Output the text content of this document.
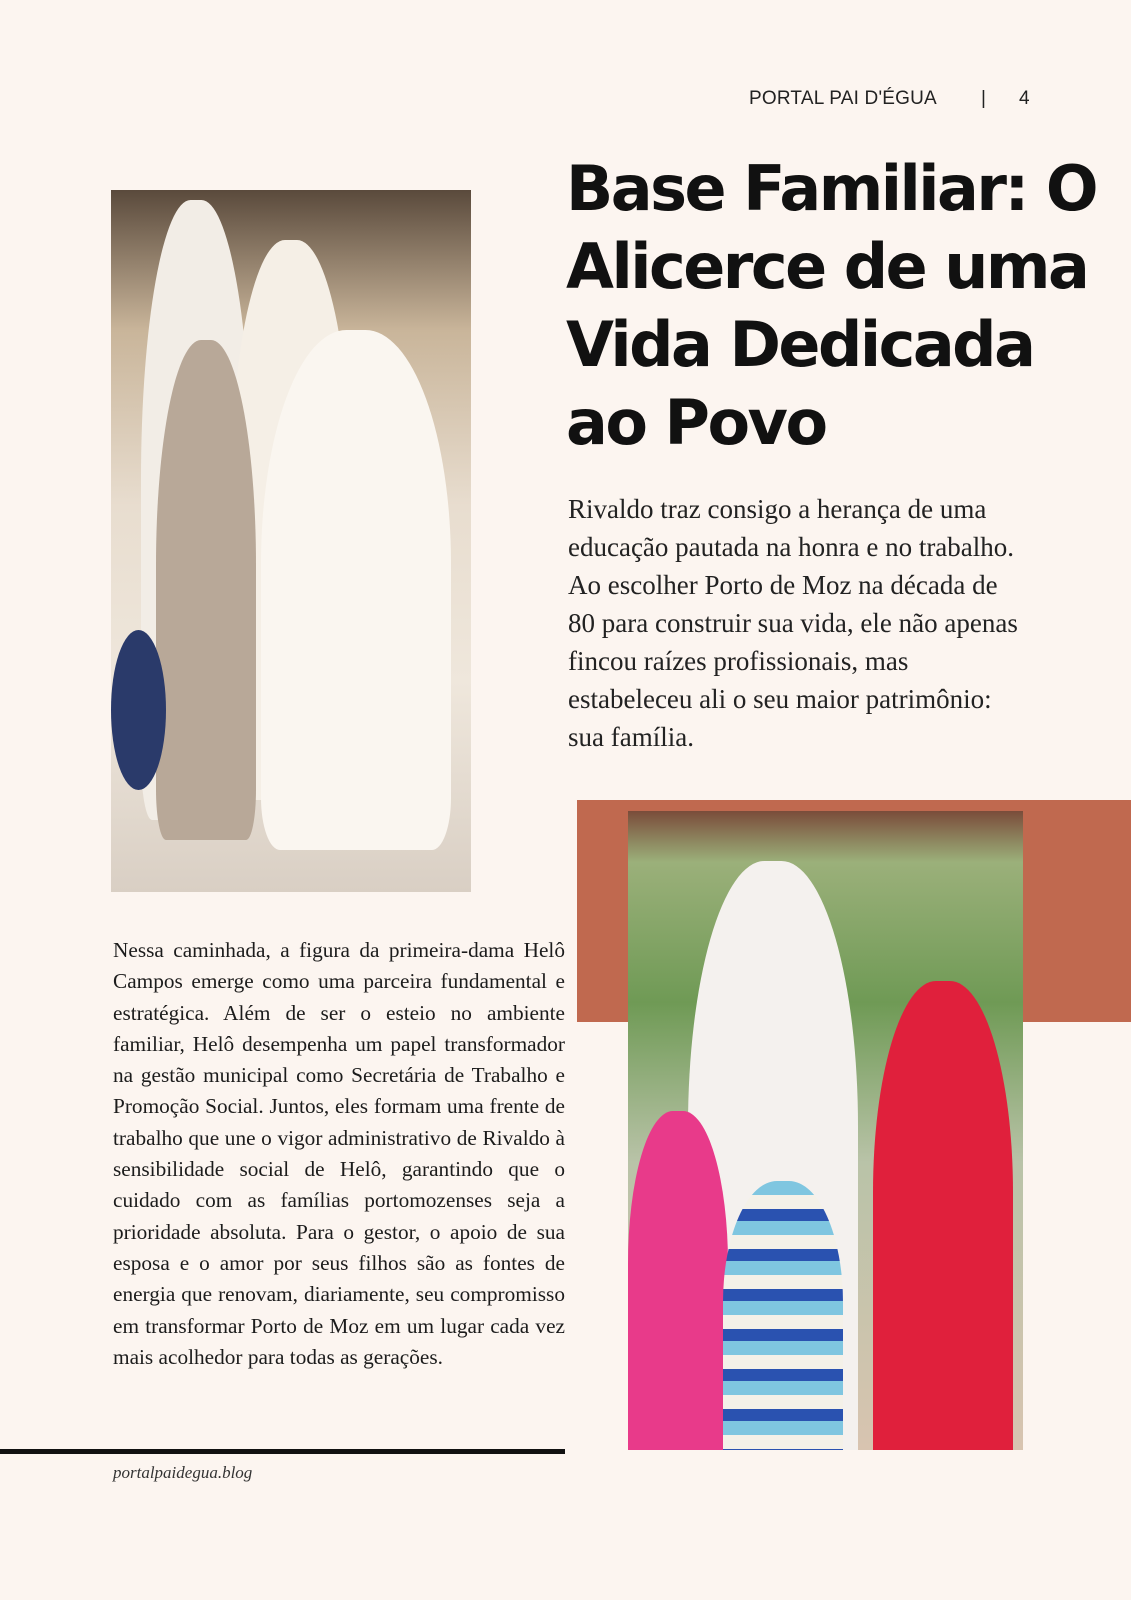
PORTAL PAI D'ÉGUA | 4
Base Familiar: O Alicerce de uma Vida Dedicada ao Povo

Rivaldo traz consigo a herança de uma educação pautada na honra e no trabalho. Ao escolher Porto de Moz na década de 80 para construir sua vida, ele não apenas fincou raízes profissionais, mas estabeleceu ali o seu maior patrimônio: sua família.

Nessa caminhada, a figura da primeira-dama Helô Campos emerge como uma parceira fundamental e estratégica. Além de ser o esteio no ambiente familiar, Helô desempenha um papel transformador na gestão municipal como Secretária de Trabalho e Promoção Social. Juntos, eles formam uma frente de trabalho que une o vigor administrativo de Rivaldo à sensibilidade social de Helô, garantindo que o cuidado com as famílias portomozenses seja a prioridade absoluta. Para o gestor, o apoio de sua esposa e o amor por seus filhos são as fontes de energia que renovam, diariamente, seu compromisso em transformar Porto de Moz em um lugar cada vez mais acolhedor para todas as gerações.

portalpaidegua.blog
